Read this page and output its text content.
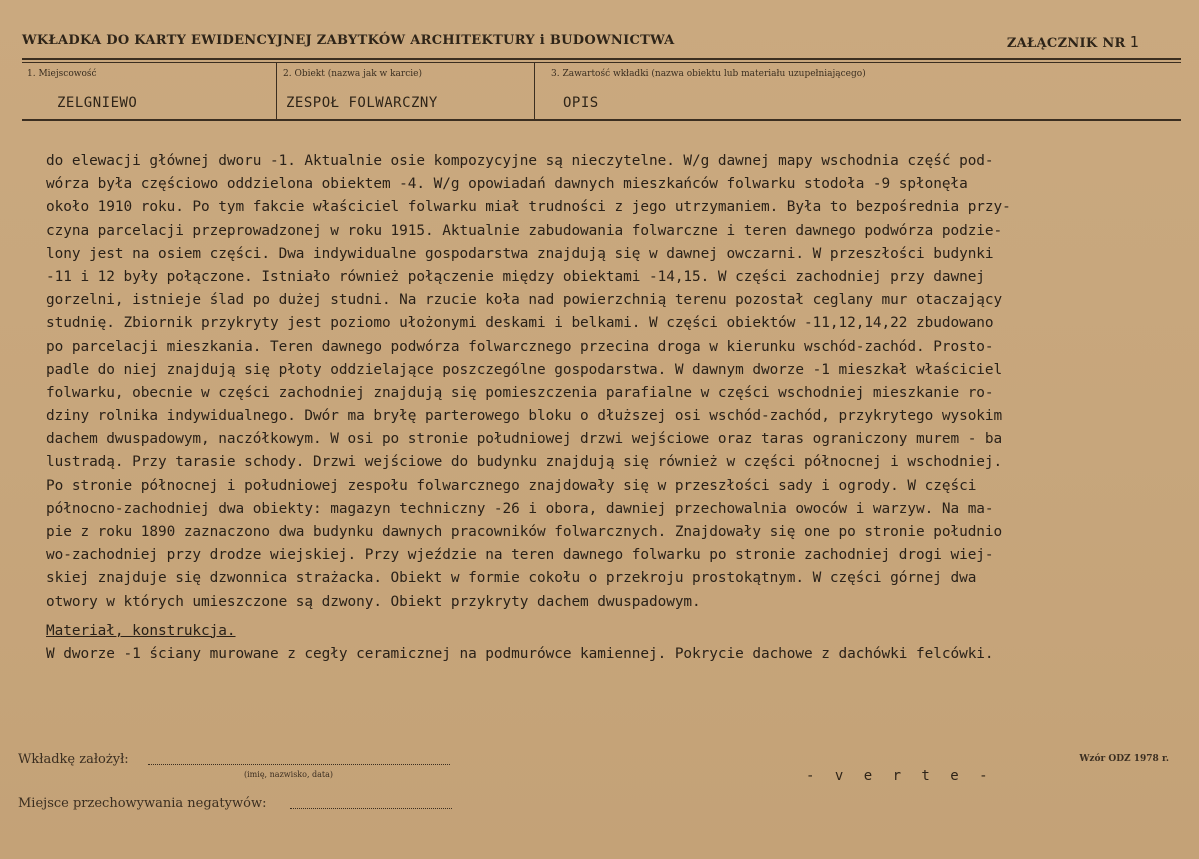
WKŁADKA DO KARTY EWIDENCYJNEJ ZABYTKÓW ARCHITEKTURY i BUDOWNICTWA	ZAŁĄCZNIK NR 1
1. Miejscowość
ZELGNIEWO
2. Obiekt (nazwa jak w karcie)
ZESPOŁ FOLWARCZNY
3. Zawartość wkładki (nazwa obiektu lub materiału uzupełniającego)
OPIS
do elewacji głównej dworu -1. Aktualnie osie kompozycyjne są nieczytelne. W/g dawnej mapy wschodnia część pod-
wórza była częściowo oddzielona obiektem -4. W/g opowiadań dawnych mieszkańców folwarku stodoła -9 spłonęła
około 1910 roku. Po tym fakcie właściciel folwarku miał trudności z jego utrzymaniem. Była to bezpośrednia przy-
czyna parcelacji przeprowadzonej w roku 1915. Aktualnie zabudowania folwarczne i teren dawnego podwórza podzie-
lony jest na osiem części. Dwa indywidualne gospodarstwa znajdują się w dawnej owczarni. W przeszłości budynki
-11 i 12 były połączone. Istniało również połączenie między obiektami -14,15. W części zachodniej przy dawnej
gorzelni, istnieje ślad po dużej studni. Na rzucie koła nad powierzchnią terenu pozostał ceglany mur otaczający
studnię. Zbiornik przykryty jest poziomo ułożonymi deskami i belkami. W części obiektów -11,12,14,22 zbudowano
po parcelacji mieszkania. Teren dawnego podwórza folwarcznego przecina droga w kierunku wschód-zachód. Prosto-
padle do niej znajdują się płoty oddzielające poszczególne gospodarstwa. W dawnym dworze -1 mieszkał właściciel
folwarku, obecnie w części zachodniej znajdują się pomieszczenia parafialne w części wschodniej mieszkanie ro-
dziny rolnika indywidualnego. Dwór ma bryłę parterowego bloku o dłuższej osi wschód-zachód, przykrytego wysokim
dachem dwuspadowym, naczółkowym. W osi po stronie południowej drzwi wejściowe oraz taras ograniczony murem - ba
lustradą. Przy tarasie schody. Drzwi wejściowe do budynku znajdują się również w części północnej i wschodniej.
Po stronie północnej i południowej zespołu folwarcznego znajdowały się w przeszłości sady i ogrody. W części
północno-zachodniej dwa obiekty: magazyn techniczny -26 i obora, dawniej przechowalnia owoców i warzyw. Na ma-
pie z roku 1890 zaznaczono dwa budynku dawnych pracowników folwarcznych. Znajdowały się one po stronie południo
wo-zachodniej przy drodze wiejskiej. Przy wjeździe na teren dawnego folwarku po stronie zachodniej drogi wiej-
skiej znajduje się dzwonnica strażacka. Obiekt w formie cokołu o przekroju prostokątnym. W części górnej dwa
otwory w których umieszczone są dzwony. Obiekt przykryty dachem dwuspadowym.
Materiał, konstrukcja.
W dworze -1 ściany murowane z cegły ceramicznej na podmurówce kamiennej. Pokrycie dachowe z dachówki felcówki.
Wkładkę założył:
(imię, nazwisko, data)
Wzór ODZ 1978 r.
- v e r t e -
Miejsce przechowywania negatywów:
